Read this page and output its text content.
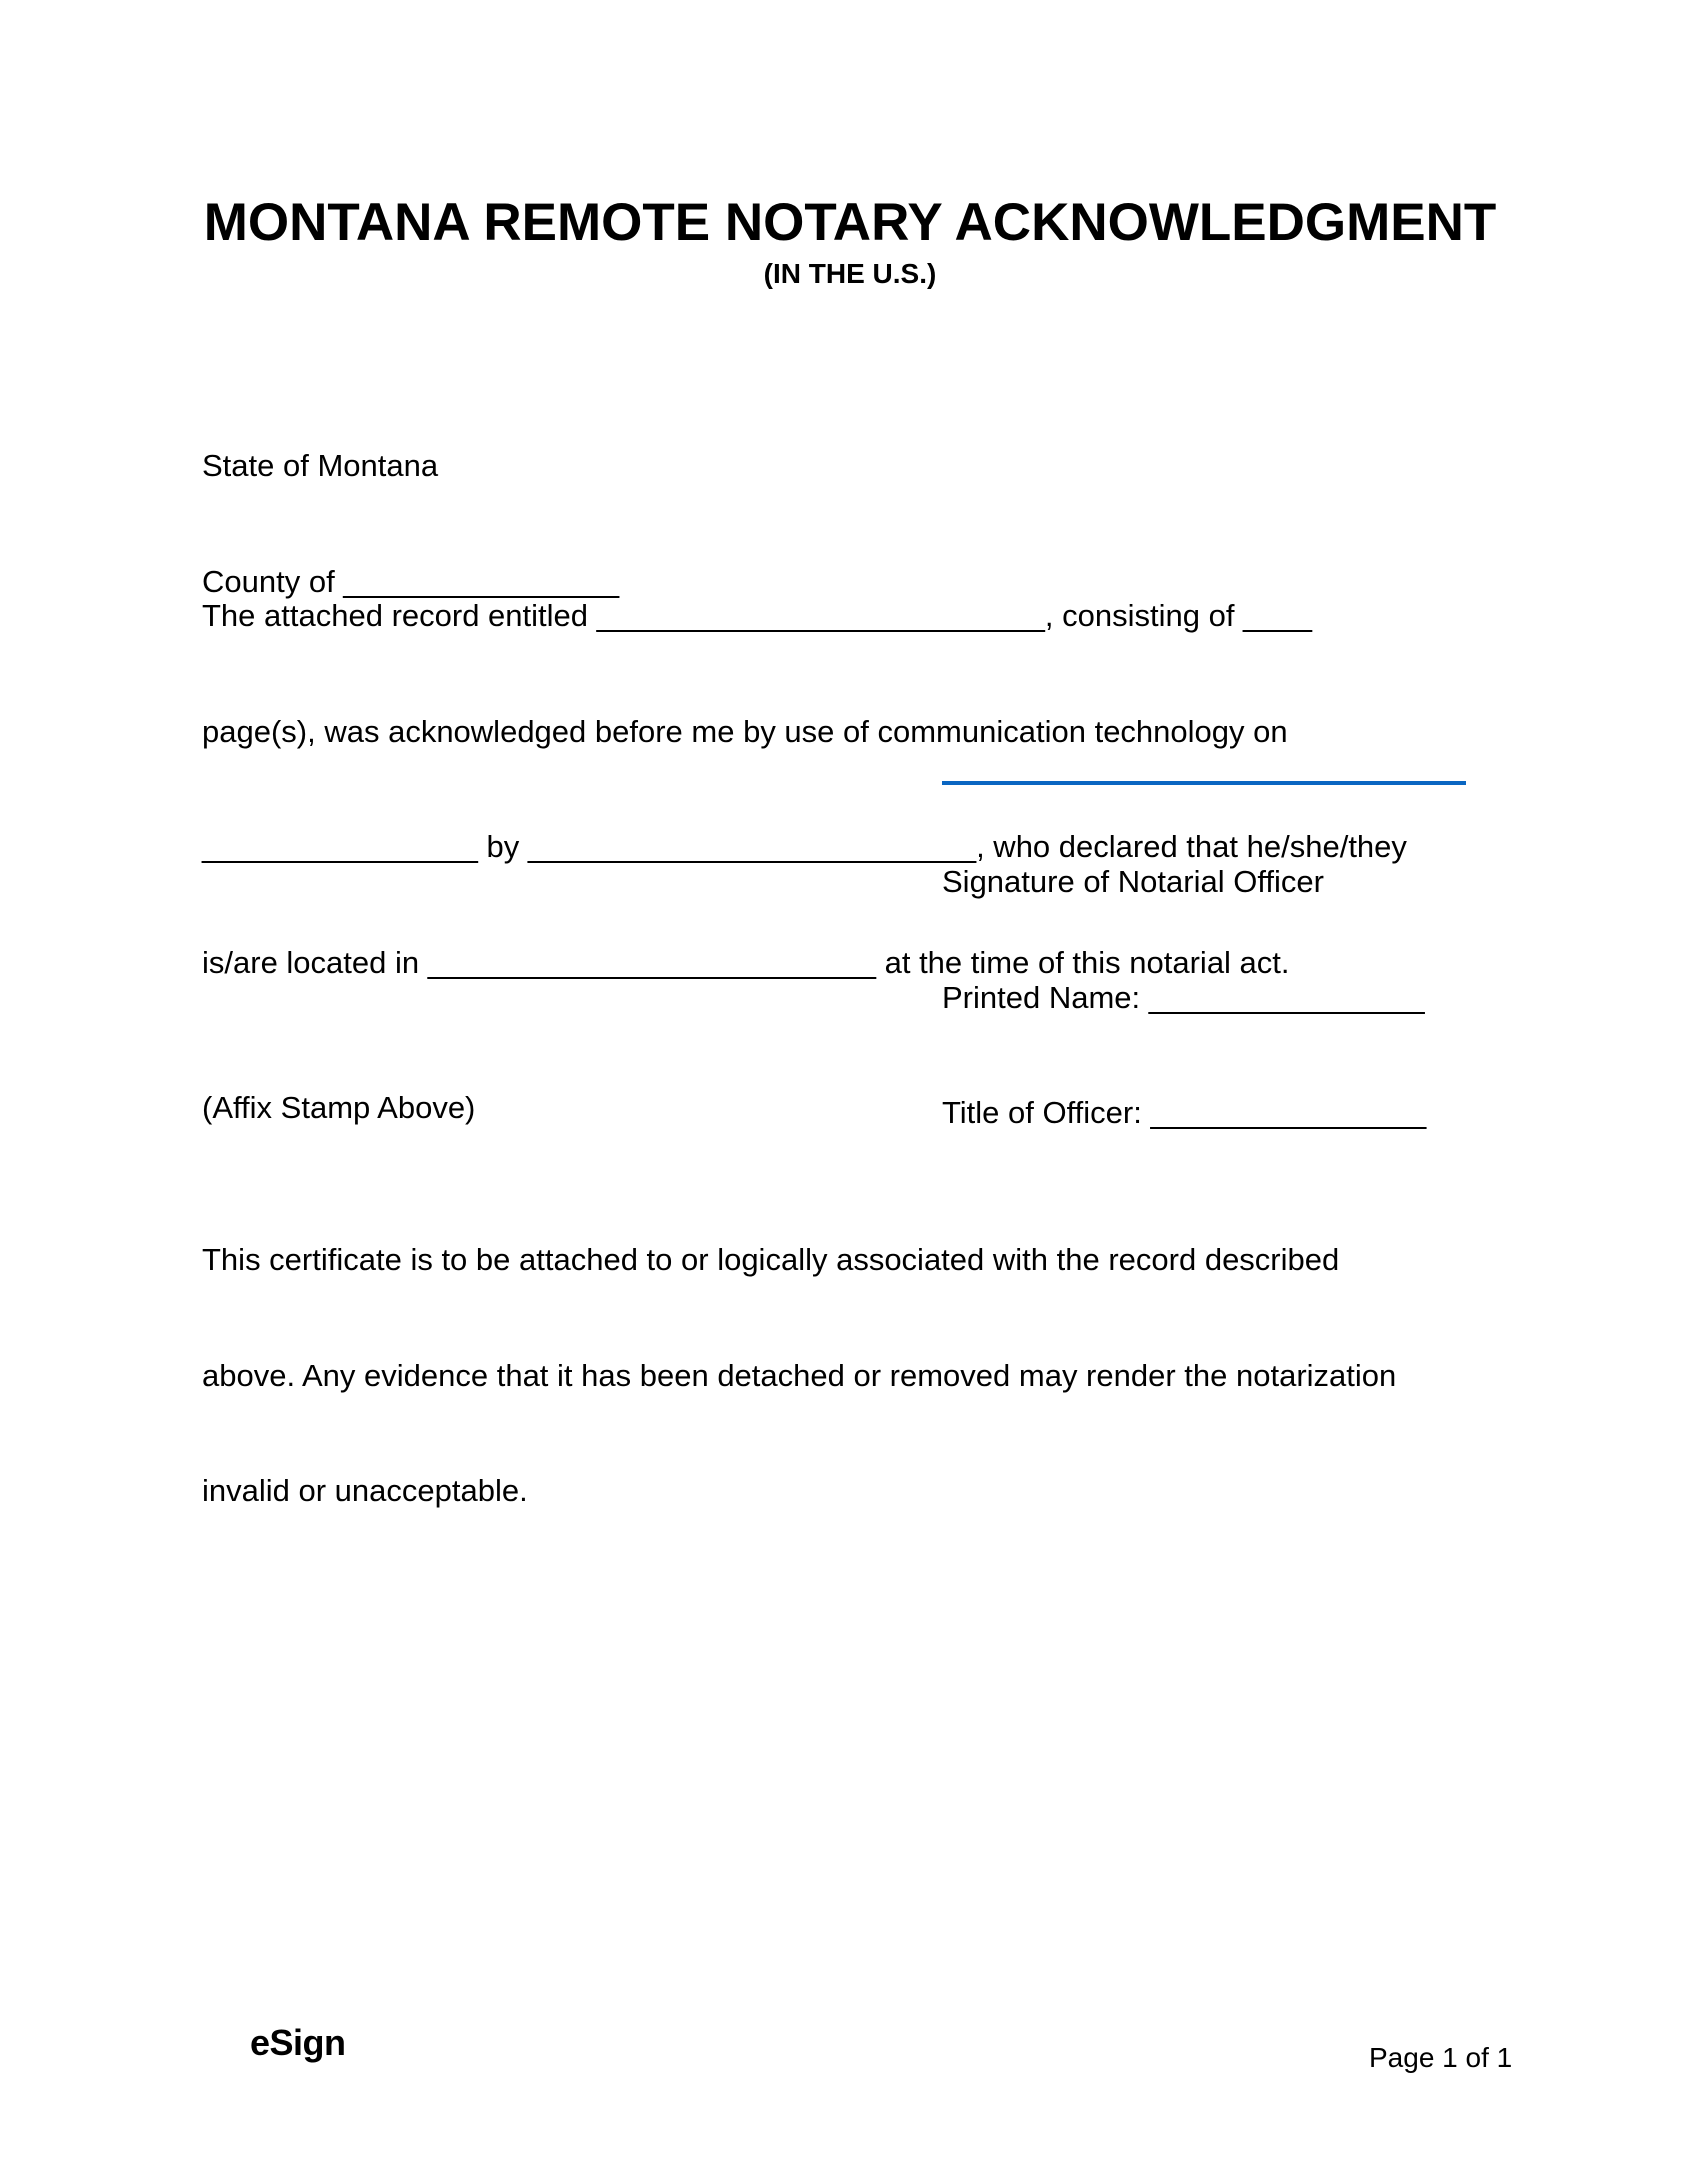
MONTANA REMOTE NOTARY ACKNOWLEDGMENT
(IN THE U.S.)

State of Montana

County of ________________

The attached record entitled __________________________, consisting of ____

page(s), was acknowledged before me by use of communication technology on

________________ by __________________________, who declared that he/she/they

is/are located in __________________________ at the time of this notarial act.

Signature of Notarial Officer

Printed Name: ________________

Title of Officer: ________________

(Affix Stamp Above)

This certificate is to be attached to or logically associated with the record described

above. Any evidence that it has been detached or removed may render the notarization

invalid or unacceptable.

eSign	Page 1 of 1
